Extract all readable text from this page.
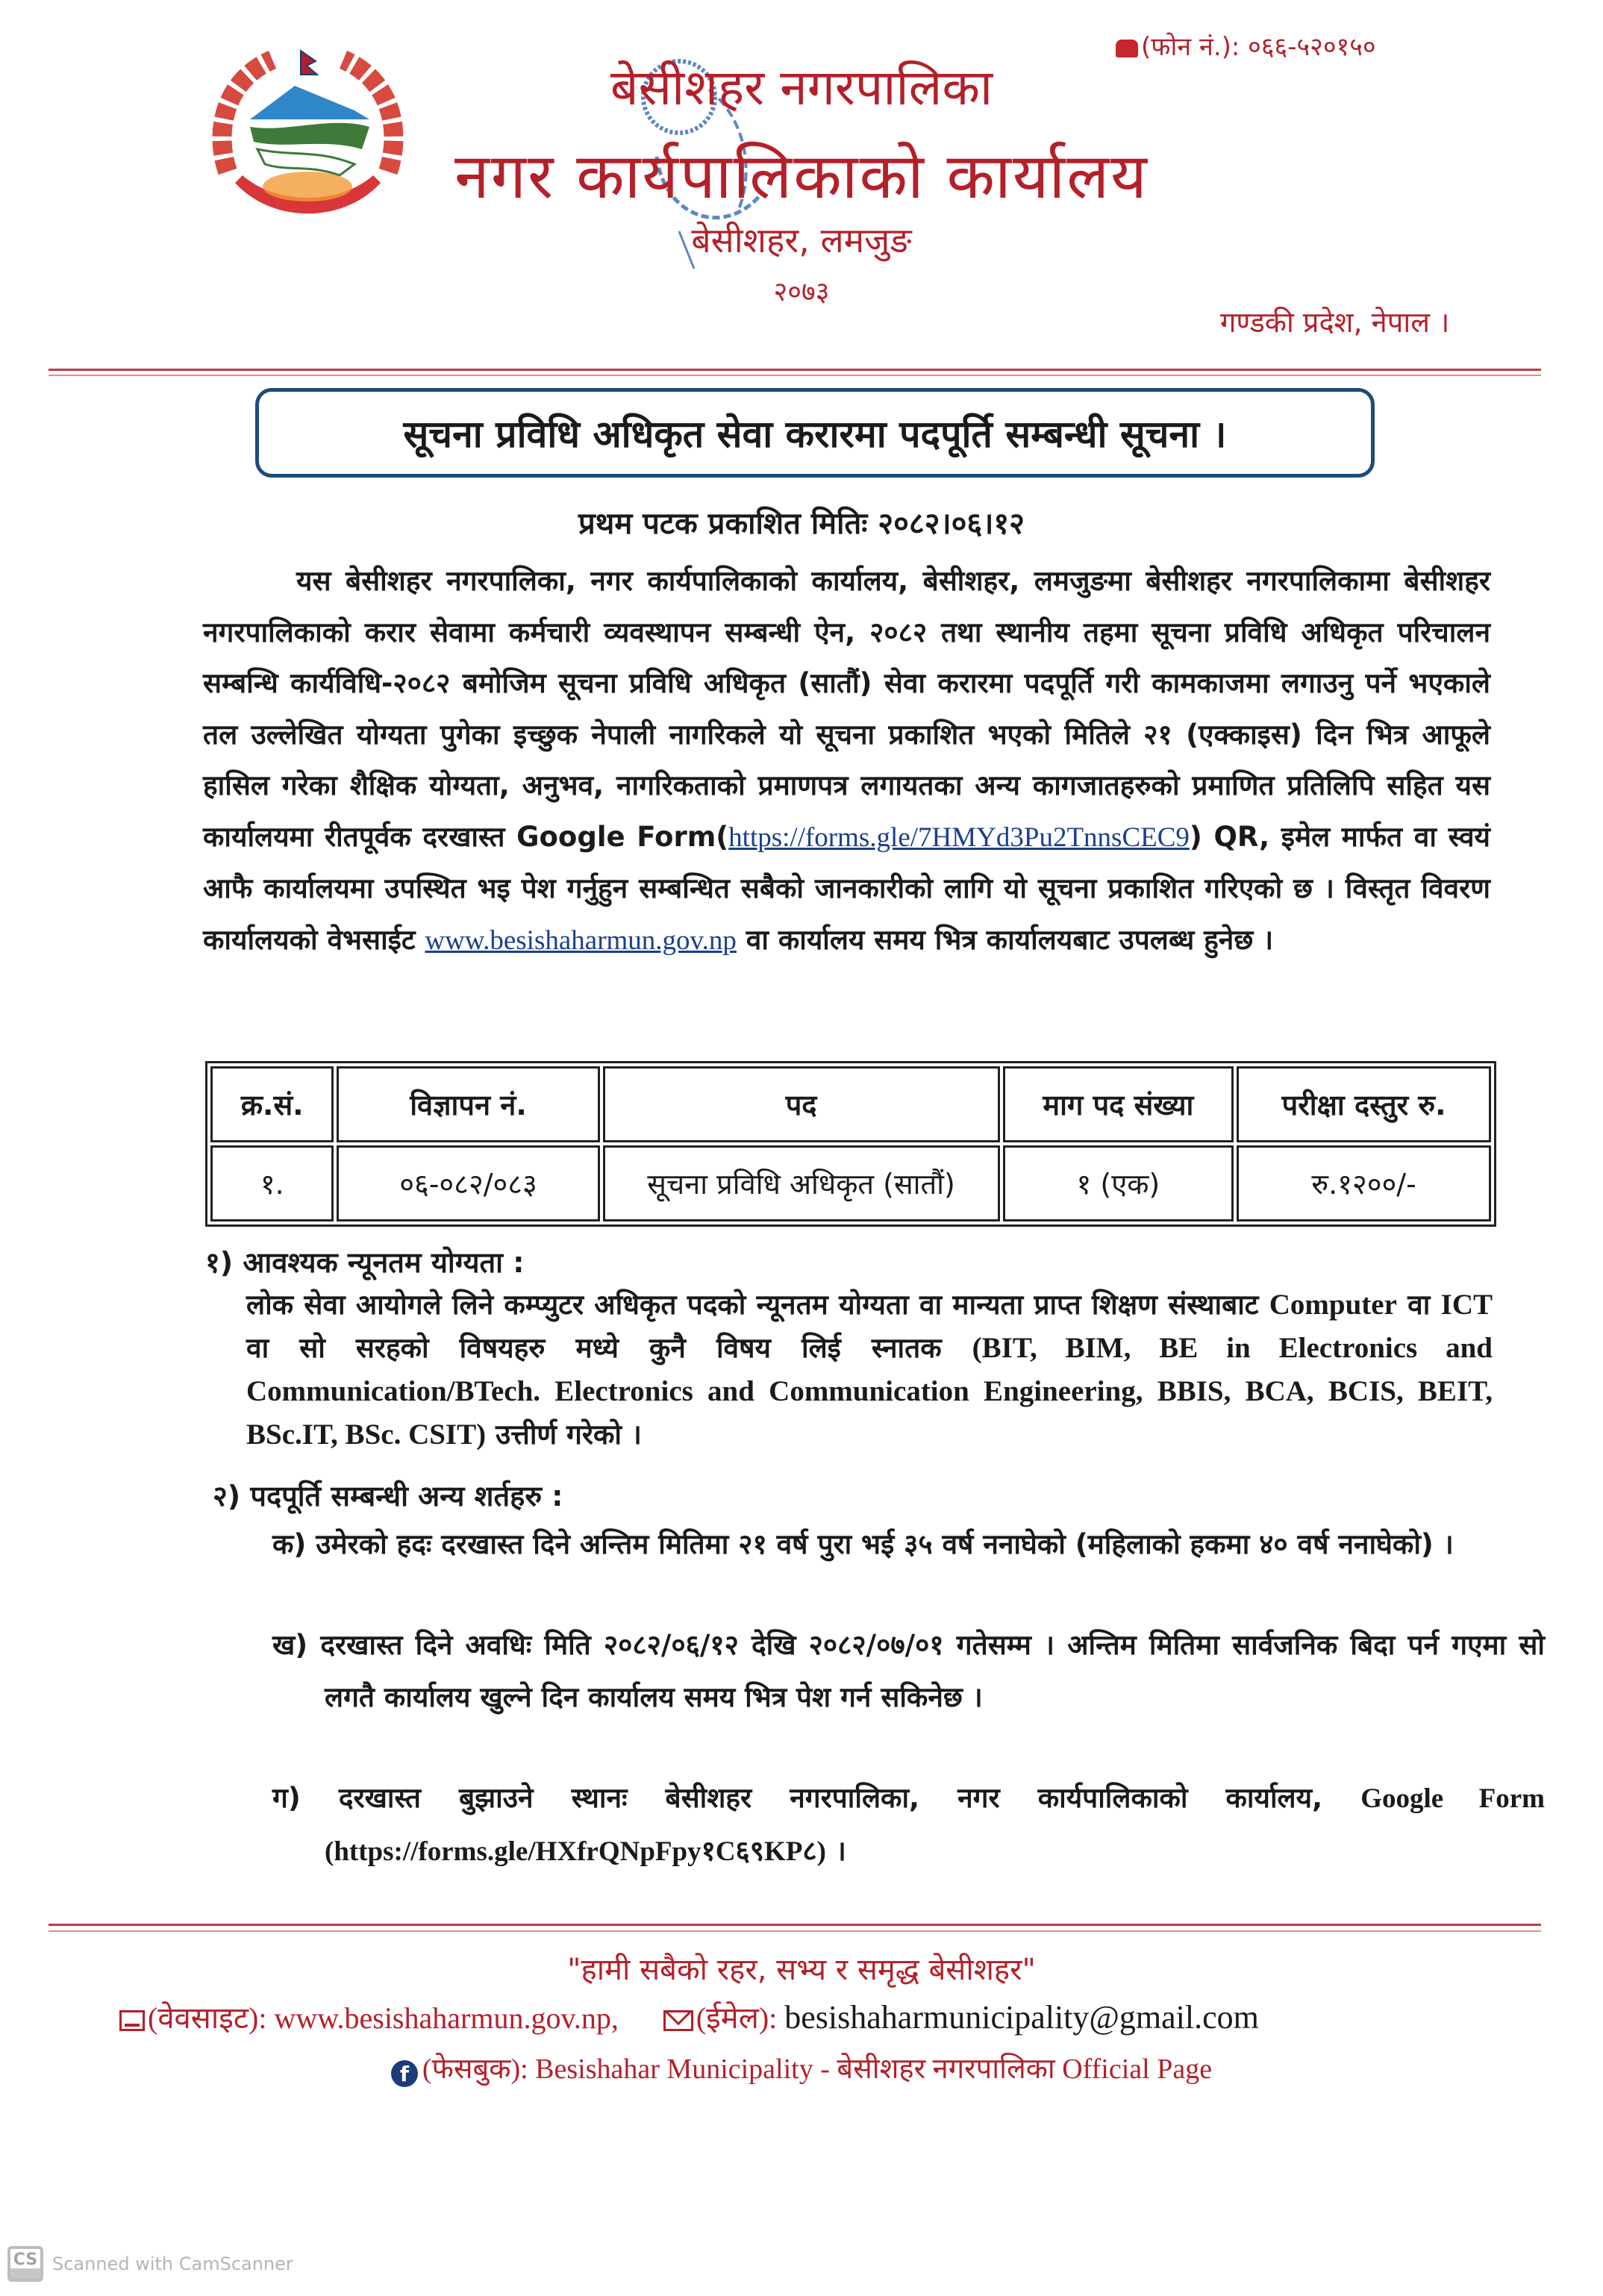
(फोन नं.): ०६६-५२०१५०
बेसीशहर नगरपालिका
नगर कार्यपालिकाको कार्यालय
बेसीशहर, लमजुङ
२०७३
गण्डकी प्रदेश, नेपाल ।
सूचना प्रविधि अधिकृत सेवा करारमा पदपूर्ति सम्बन्धी सूचना ।
प्रथम पटक प्रकाशित मितिः २०८२।०६।१२
यस बेसीशहर नगरपालिका, नगर कार्यपालिकाको कार्यालय, बेसीशहर, लमजुङमा बेसीशहर नगरपालिकामा बेसीशहर नगरपालिकाको करार सेवामा कर्मचारी व्यवस्थापन सम्बन्धी ऐन, २०८२ तथा स्थानीय तहमा सूचना प्रविधि अधिकृत परिचालन सम्बन्धि कार्यविधि-२०८२ बमोजिम सूचना प्रविधि अधिकृत (सातौं) सेवा करारमा पदपूर्ति गरी कामकाजमा लगाउनु पर्ने भएकाले तल उल्लेखित योग्यता पुगेका इच्छुक नेपाली नागरिकले यो सूचना प्रकाशित भएको मितिले २१ (एक्काइस) दिन भित्र आफूले हासिल गरेका शैक्षिक योग्यता, अनुभव, नागरिकताको प्रमाणपत्र लगायतका अन्य कागजातहरुको प्रमाणित प्रतिलिपि सहित यस कार्यालयमा रीतपूर्वक दरखास्त Google Form(https://forms.gle/7HMYd3Pu2TnnsCEC9) QR, इमेल मार्फत वा स्वयं आफै कार्यालयमा उपस्थित भइ पेश गर्नुहुन सम्बन्धित सबैको जानकारीको लागि यो सूचना प्रकाशित गरिएको छ । विस्तृत विवरण कार्यालयको वेभसाईट www.besishaharmun.gov.np वा कार्यालय समय भित्र कार्यालयबाट उपलब्ध हुनेछ ।
क्र.सं.	विज्ञापन नं.	पद	माग पद संख्या	परीक्षा दस्तुर रु.
१.	०६-०८२/०८३	सूचना प्रविधि अधिकृत (सातौं)	१ (एक)	रु.१२००/-
१) आवश्यक न्यूनतम योग्यता :
लोक सेवा आयोगले लिने कम्प्युटर अधिकृत पदको न्यूनतम योग्यता वा मान्यता प्राप्त शिक्षण संस्थाबाट Computer वा ICT वा सो सरहको विषयहरु मध्ये कुनै विषय लिई स्नातक (BIT, BIM, BE in Electronics and Communication/BTech. Electronics and Communication Engineering, BBIS, BCA, BCIS, BEIT, BSc.IT, BSc. CSIT) उत्तीर्ण गरेको ।
२) पदपूर्ति सम्बन्धी अन्य शर्तहरु :
क) उमेरको हदः दरखास्त दिने अन्तिम मितिमा २१ वर्ष पुरा भई ३५ वर्ष ननाघेको (महिलाको हकमा ४० वर्ष ननाघेको) ।
ख) दरखास्त दिने अवधिः मिति २०८२/०६/१२ देखि २०८२/०७/०१ गतेसम्म । अन्तिम मितिमा सार्वजनिक बिदा पर्न गएमा सो लगतै कार्यालय खुल्ने दिन कार्यालय समय भित्र पेश गर्न सकिनेछ ।
ग) दरखास्त बुझाउने स्थानः बेसीशहर नगरपालिका, नगर कार्यपालिकाको कार्यालय, Google Form (https://forms.gle/HXfrQNpFpy१C६९KP८) ।
"हामी सबैको रहर, सभ्य र समृद्ध बेसीशहर"
(वेवसाइट): www.besishaharmun.gov.np,	(ईमेल): besishaharmunicipality@gmail.com
f (फेसबुक): Besishahar Municipality - बेसीशहर नगरपालिका Official Page
CS Scanned with CamScanner
